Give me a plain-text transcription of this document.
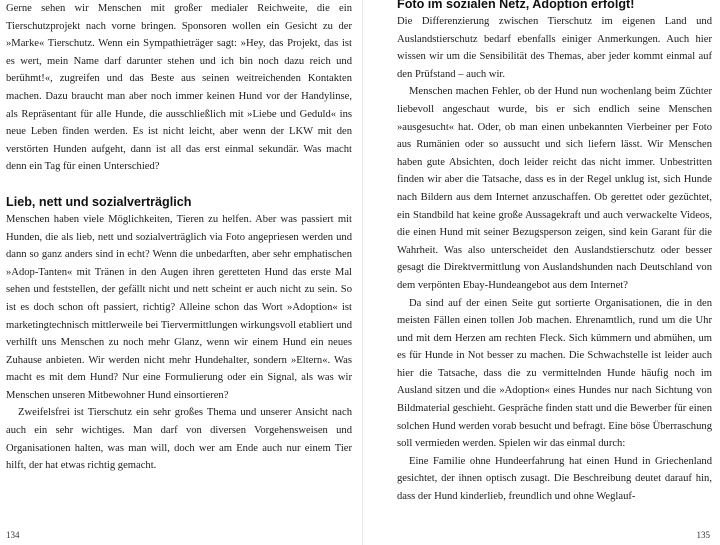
Gerne sehen wir Menschen mit großer medialer Reichweite, die ein Tierschutzprojekt nach vorne bringen. Sponsoren wollen ein Gesicht zu der »Marke« Tierschutz. Wenn ein Sympathieträger sagt: »Hey, das Projekt, das ist es wert, mein Name darf darunter stehen und ich bin noch dazu reich und berühmt!«, zugreifen und das Beste aus seinen weitreichenden Kontakten machen. Dazu braucht man aber noch immer keinen Hund vor der Handylinse, als Repräsentant für alle Hunde, die ausschließlich mit »Liebe und Geduld« ins neue Leben finden werden. Es ist nicht leicht, aber wenn der LKW mit den verstörten Hunden aufgeht, dann ist all das erst einmal sekundär. Was macht denn ein Tag für einen Unterschied?

Lieb, nett und sozialverträglich

Menschen haben viele Möglichkeiten, Tieren zu helfen. Aber was passiert mit Hunden, die als lieb, nett und sozialverträglich via Foto angepriesen werden und dann so ganz anders sind in echt? Wenn die unbedarften, aber sehr emphatischen »Adop-Tanten« mit Tränen in den Augen ihren geretteten Hund das erste Mal sehen und feststellen, der gefällt nicht und nett scheint er auch nicht zu sein. So ist es doch schon oft passiert, richtig? Alleine schon das Wort »Adoption« ist marketingtechnisch mittlerweile bei Tiervermittlungen wirkungsvoll etabliert und verhilft uns Menschen zu noch mehr Glanz, wenn wir einem Hund ein neues Zuhause anbieten. Wir werden nicht mehr Hundehalter, sondern »Eltern«. Was macht es mit dem Hund? Nur eine Formulierung oder ein Signal, als was wir Menschen unseren Mitbewohner Hund einsortieren?

Zweifelsfrei ist Tierschutz ein sehr großes Thema und unserer Ansicht nach auch ein sehr wichtiges. Man darf von diversen Vorgehensweisen und Organisationen halten, was man will, doch wer am Ende auch nur einem Tier hilft, der hat etwas richtig gemacht.

134
Foto im sozialen Netz, Adoption erfolgt!

Die Differenzierung zwischen Tierschutz im eigenen Land und Auslandstierschutz bedarf ebenfalls einiger Anmerkungen. Auch hier wissen wir um die Sensibilität des Themas, aber jeder kommt einmal auf den Prüfstand – auch wir.

Menschen machen Fehler, ob der Hund nun wochenlang beim Züchter liebevoll angeschaut wurde, bis er sich endlich seine Menschen »ausgesucht« hat. Oder, ob man einen unbekannten Vierbeiner per Foto aus Rumänien oder so aussucht und sich liefern lässt. Wir Menschen haben gute Absichten, doch leider reicht das nicht immer. Unbestritten finden wir aber die Tatsache, dass es in der Regel unklug ist, sich Hunde nach Bildern aus dem Internet anzuschaffen. Ob gerettet oder gezüchtet, ein Standbild hat keine große Aussagekraft und auch verwackelte Videos, die einen Hund mit seiner Bezugsperson zeigen, sind kein Garant für die Wahrheit. Was also unterscheidet den Auslandstierschutz oder besser gesagt die Direktvermittlung von Auslandshunden nach Deutschland von dem verpönten Ebay-Hundeangebot aus dem Internet?

Da sind auf der einen Seite gut sortierte Organisationen, die in den meisten Fällen einen tollen Job machen. Ehrenamtlich, rund um die Uhr und mit dem Herzen am rechten Fleck. Sich kümmern und abmühen, um es für Hunde in Not besser zu machen. Die Schwachstelle ist leider auch hier die Tatsache, dass die zu vermittelnden Hunde häufig noch im Ausland sitzen und die »Adoption« eines Hundes nur nach Sichtung von Bildmaterial geschieht. Gespräche finden statt und die Bewerber für einen solchen Hund werden vorab besucht und befragt. Eine böse Überraschung soll vermieden werden. Spielen wir das einmal durch:

Eine Familie ohne Hundeerfahrung hat einen Hund in Griechenland gesichtet, der ihnen optisch zusagt. Die Beschreibung deutet darauf hin, dass der Hund kinderlieb, freundlich und ohne Weglauf-

135
